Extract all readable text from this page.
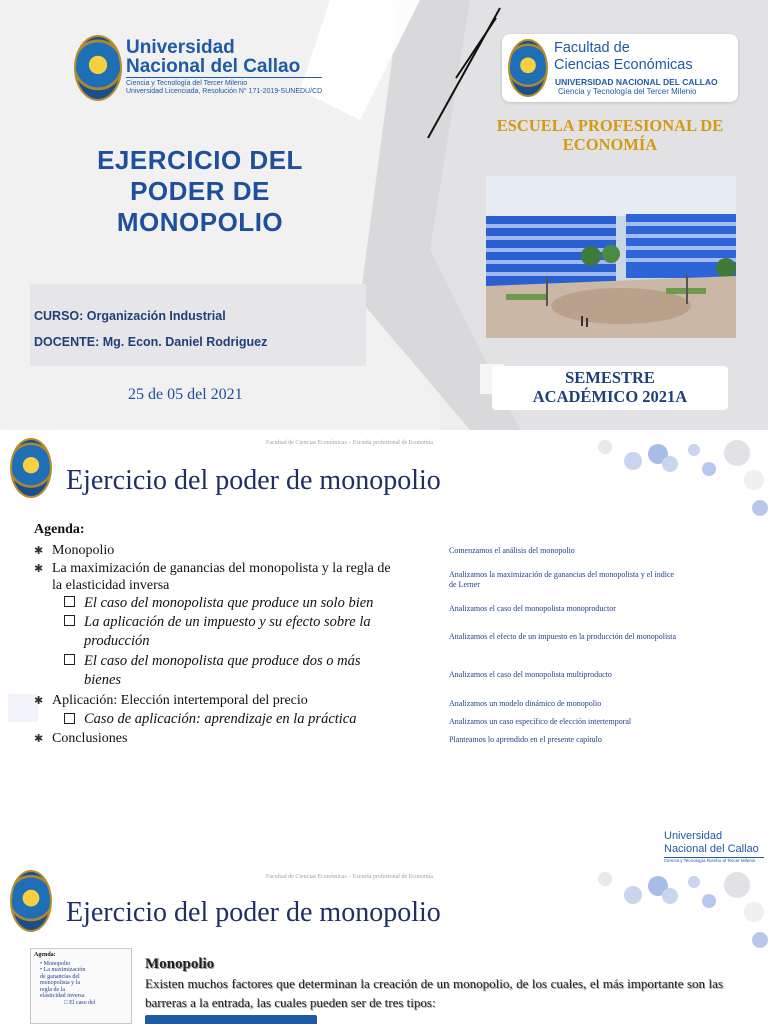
Universidad
Nacional del Callao
Ciencia y Tecnología del Tercer Milenio
Universidad Licenciada, Resolución N° 171-2019-SUNEDU/CD
EJERCICIO DEL
PODER DE
MONOPOLIO
CURSO: Organización Industrial
DOCENTE: Mg. Econ. Daniel Rodriguez
25 de 05 del 2021
Facultad de
Ciencias Económicas
UNIVERSIDAD NACIONAL DEL CALLAO
Ciencia y Tecnología del Tercer Milenio
ESCUELA PROFESIONAL DE
ECONOMÍA
SEMESTRE
ACADÉMICO 2021A
Facultad de Ciencias Económicas – Escuela profesional de Economía
Ejercicio del poder de monopolio
Agenda:
✱ Monopolio
✱ La maximización de ganancias del monopolista y la regla de
la elasticidad inversa
El caso del monopolista que produce un solo bien
La aplicación de un impuesto y su efecto sobre la
producción
El caso del monopolista que produce dos o más
bienes
✱ Aplicación: Elección intertemporal del precio
Caso de aplicación: aprendizaje en la práctica
✱ Conclusiones
Comenzamos el análisis del monopolio
Analizamos la maximización de ganancias del monopolista y el índice
de Lerner
Analizamos el caso del monopolista monoproductor
Analizamos el efecto de un impuesto en la producción del monopolista
Analizamos el caso del monopolista multiproducto
Analizamos un modelo dinámico de monopolio
Analizamos un caso específico de elección intertemporal
Planteamos lo aprendido en el presente capítulo
Universidad
Nacional del Callao
Ciencia y Tecnología Rumbo al Tercer Milenio
Facultad de Ciencias Económicas – Escuela profesional de Economía
Ejercicio del poder de monopolio
Agenda:
• Monopolio
• La maximización de ganancias del monopolista y la regla de la elasticidad inversa
□ El caso del
Monopolio
Existen muchos factores que determinan la creación de un monopolio, de los cuales, el más importante son las barreras a la entrada, las cuales pueden ser de tres tipos:
